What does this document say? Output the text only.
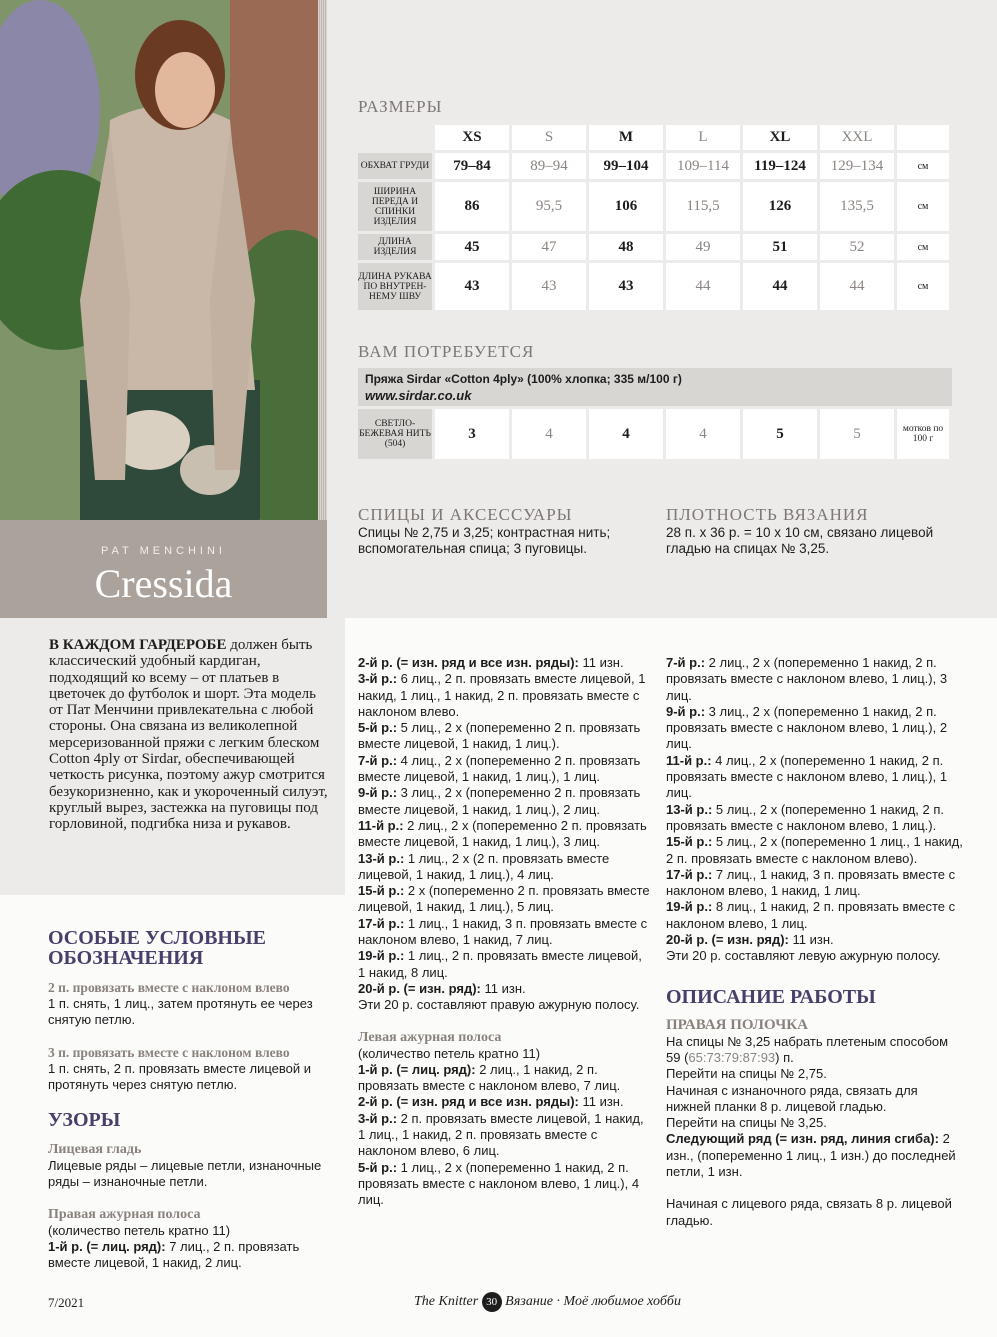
PAT MENCHINI
Cressida
РАЗМЕРЫ
	XS	S	M	L	XL	XXL	
ОБХВАТ ГРУДИ	79–84	89–94	99–104	109–114	119–124	129–134	см
ШИРИНА ПЕРЕДА И СПИНКИ ИЗДЕЛИЯ	86	95,5	106	115,5	126	135,5	см
ДЛИНА ИЗДЕЛИЯ	45	47	48	49	51	52	см
ДЛИНА РУКАВА ПО ВНУТРЕН-НЕМУ ШВУ	43	43	43	44	44	44	см
ВАМ ПОТРЕБУЕТСЯ
Пряжа Sirdar «Cotton 4ply» (100% хлопка; 335 м/100 г)
www.sirdar.co.uk
СВЕТЛО-БЕЖЕВАЯ НИТЬ
(504)
	3	4	4	4	5	5	мотков по 100 г
СПИЦЫ И АКСЕССУАРЫ
Спицы № 2,75 и 3,25; контрастная нить; вспомогательная спица; 3 пуговицы.
ПЛОТНОСТЬ ВЯЗАНИЯ
28 п. х 36 р. = 10 х 10 см, связано лицевой гладью на спицах № 3,25.
В КАЖДОМ ГАРДЕРОБЕ должен быть классический удобный кардиган, подходящий ко всему – от платьев в цветочек до футболок и шорт. Эта модель от Пат Менчини привлекательна с любой стороны. Она связана из великолепной мерсеризованной пряжи с легким блеском Cotton 4ply от Sirdar, обеспечивающей четкость рисунка, поэтому ажур смотрится безукоризненно, как и укороченный силуэт, круглый вырез, застежка на пуговицы под горловиной, подгибка низа и рукавов.
ОСОБЫЕ УСЛОВНЫЕ ОБОЗНАЧЕНИЯ
2 п. провязать вместе с наклоном влево
1 п. снять, 1 лиц., затем протянуть ее через снятую петлю.
3 п. провязать вместе с наклоном влево
1 п. снять, 2 п. провязать вместе лицевой и протянуть через снятую петлю.
УЗОРЫ
Лицевая гладь
Лицевые ряды – лицевые петли, изнаночные ряды – изнаночные петли.
Правая ажурная полоса
(количество петель кратно 11)
1-й р. (= лиц. ряд): 7 лиц., 2 п. провязать вместе лицевой, 1 накид, 2 лиц.
2-й р. (= изн. ряд и все изн. ряды): 11 изн.
3-й р.: 6 лиц., 2 п. провязать вместе лицевой, 1 накид, 1 лиц., 1 накид, 2 п. провязать вместе с наклоном влево.
5-й р.: 5 лиц., 2 х (попеременно 2 п. провязать вместе лицевой, 1 накид, 1 лиц.).
7-й р.: 4 лиц., 2 х (попеременно 2 п. провязать вместе лицевой, 1 накид, 1 лиц.), 1 лиц.
9-й р.: 3 лиц., 2 х (попеременно 2 п. провязать вместе лицевой, 1 накид, 1 лиц.), 2 лиц.
11-й р.: 2 лиц., 2 х (попеременно 2 п. провязать вместе лицевой, 1 накид, 1 лиц.), 3 лиц.
13-й р.: 1 лиц., 2 х (2 п. провязать вместе лицевой, 1 накид, 1 лиц.), 4 лиц.
15-й р.: 2 х (попеременно 2 п. провязать вместе лицевой, 1 накид, 1 лиц.), 5 лиц.
17-й р.: 1 лиц., 1 накид, 3 п. провязать вместе с наклоном влево, 1 накид, 7 лиц.
19-й р.: 1 лиц., 2 п. провязать вместе лицевой, 1 накид, 8 лиц.
20-й р. (= изн. ряд): 11 изн.
Эти 20 р. составляют правую ажурную полосу.
Левая ажурная полоса
(количество петель кратно 11)
1-й р. (= лиц. ряд): 2 лиц., 1 накид, 2 п. провязать вместе с наклоном влево, 7 лиц.
2-й р. (= изн. ряд и все изн. ряды): 11 изн.
3-й р.: 2 п. провязать вместе лицевой, 1 накид, 1 лиц., 1 накид, 2 п. провязать вместе с наклоном влево, 6 лиц.
5-й р.: 1 лиц., 2 х (попеременно 1 накид, 2 п. провязать вместе с наклоном влево, 1 лиц.), 4 лиц.
7-й р.: 2 лиц., 2 х (попеременно 1 накид, 2 п. провязать вместе с наклоном влево, 1 лиц.), 3 лиц.
9-й р.: 3 лиц., 2 х (попеременно 1 накид, 2 п. провязать вместе с наклоном влево, 1 лиц.), 2 лиц.
11-й р.: 4 лиц., 2 х (попеременно 1 накид, 2 п. провязать вместе с наклоном влево, 1 лиц.), 1 лиц.
13-й р.: 5 лиц., 2 х (попеременно 1 накид, 2 п. провязать вместе с наклоном влево, 1 лиц.).
15-й р.: 5 лиц., 2 х (попеременно 1 лиц., 1 накид, 2 п. провязать вместе с наклоном влево).
17-й р.: 7 лиц., 1 накид, 3 п. провязать вместе с наклоном влево, 1 накид, 1 лиц.
19-й р.: 8 лиц., 1 накид, 2 п. провязать вместе с наклоном влево, 1 лиц.
20-й р. (= изн. ряд): 11 изн.
Эти 20 р. составляют левую ажурную полосу.
ОПИСАНИЕ РАБОТЫ
ПРАВАЯ ПОЛОЧКА
На спицы № 3,25 набрать плетеным способом 59 (65:73:79:87:93) п.
Перейти на спицы № 2,75.
Начиная с изнаночного ряда, связать для нижней планки 8 р. лицевой гладью.
Перейти на спицы № 3,25.
Следующий ряд (= изн. ряд, линия сгиба): 2 изн., (попеременно 1 лиц., 1 изн.) до последней петли, 1 изн.
Начиная с лицевого ряда, связать 8 р. лицевой гладью.
7/2021	The Knitter 30 Вязание · Моё любимое хобби
